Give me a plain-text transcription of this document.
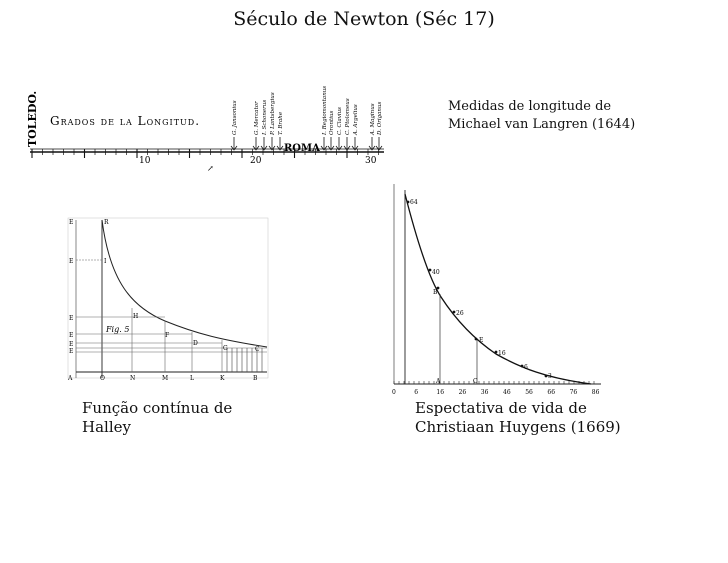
Século de Newton (Séc 17)
TOLEDO. Grados de la Longitud.
10	20	30
ROMA
G. Jansonius	G. Mercator I. Schonerus P. Lantsbergius T. Brahe	I. Regiomontanus Orontius C. Clavius C. Ptolomeus A. Argelius A. Maginus D. Origanus
↗
Medidas de longitude de
Michael van Langren (1644)
E
E
E
E
E
E
A
R
I
H
F
D
G	C
O	N	M	L	K	B
Fig. 5
Função contínua de
Halley
64
40
B
26
E
16
6
3
A	C
0	6	16 26 36 46 56 66 76 86
Espectativa de vida de
Christiaan Huygens (1669)
